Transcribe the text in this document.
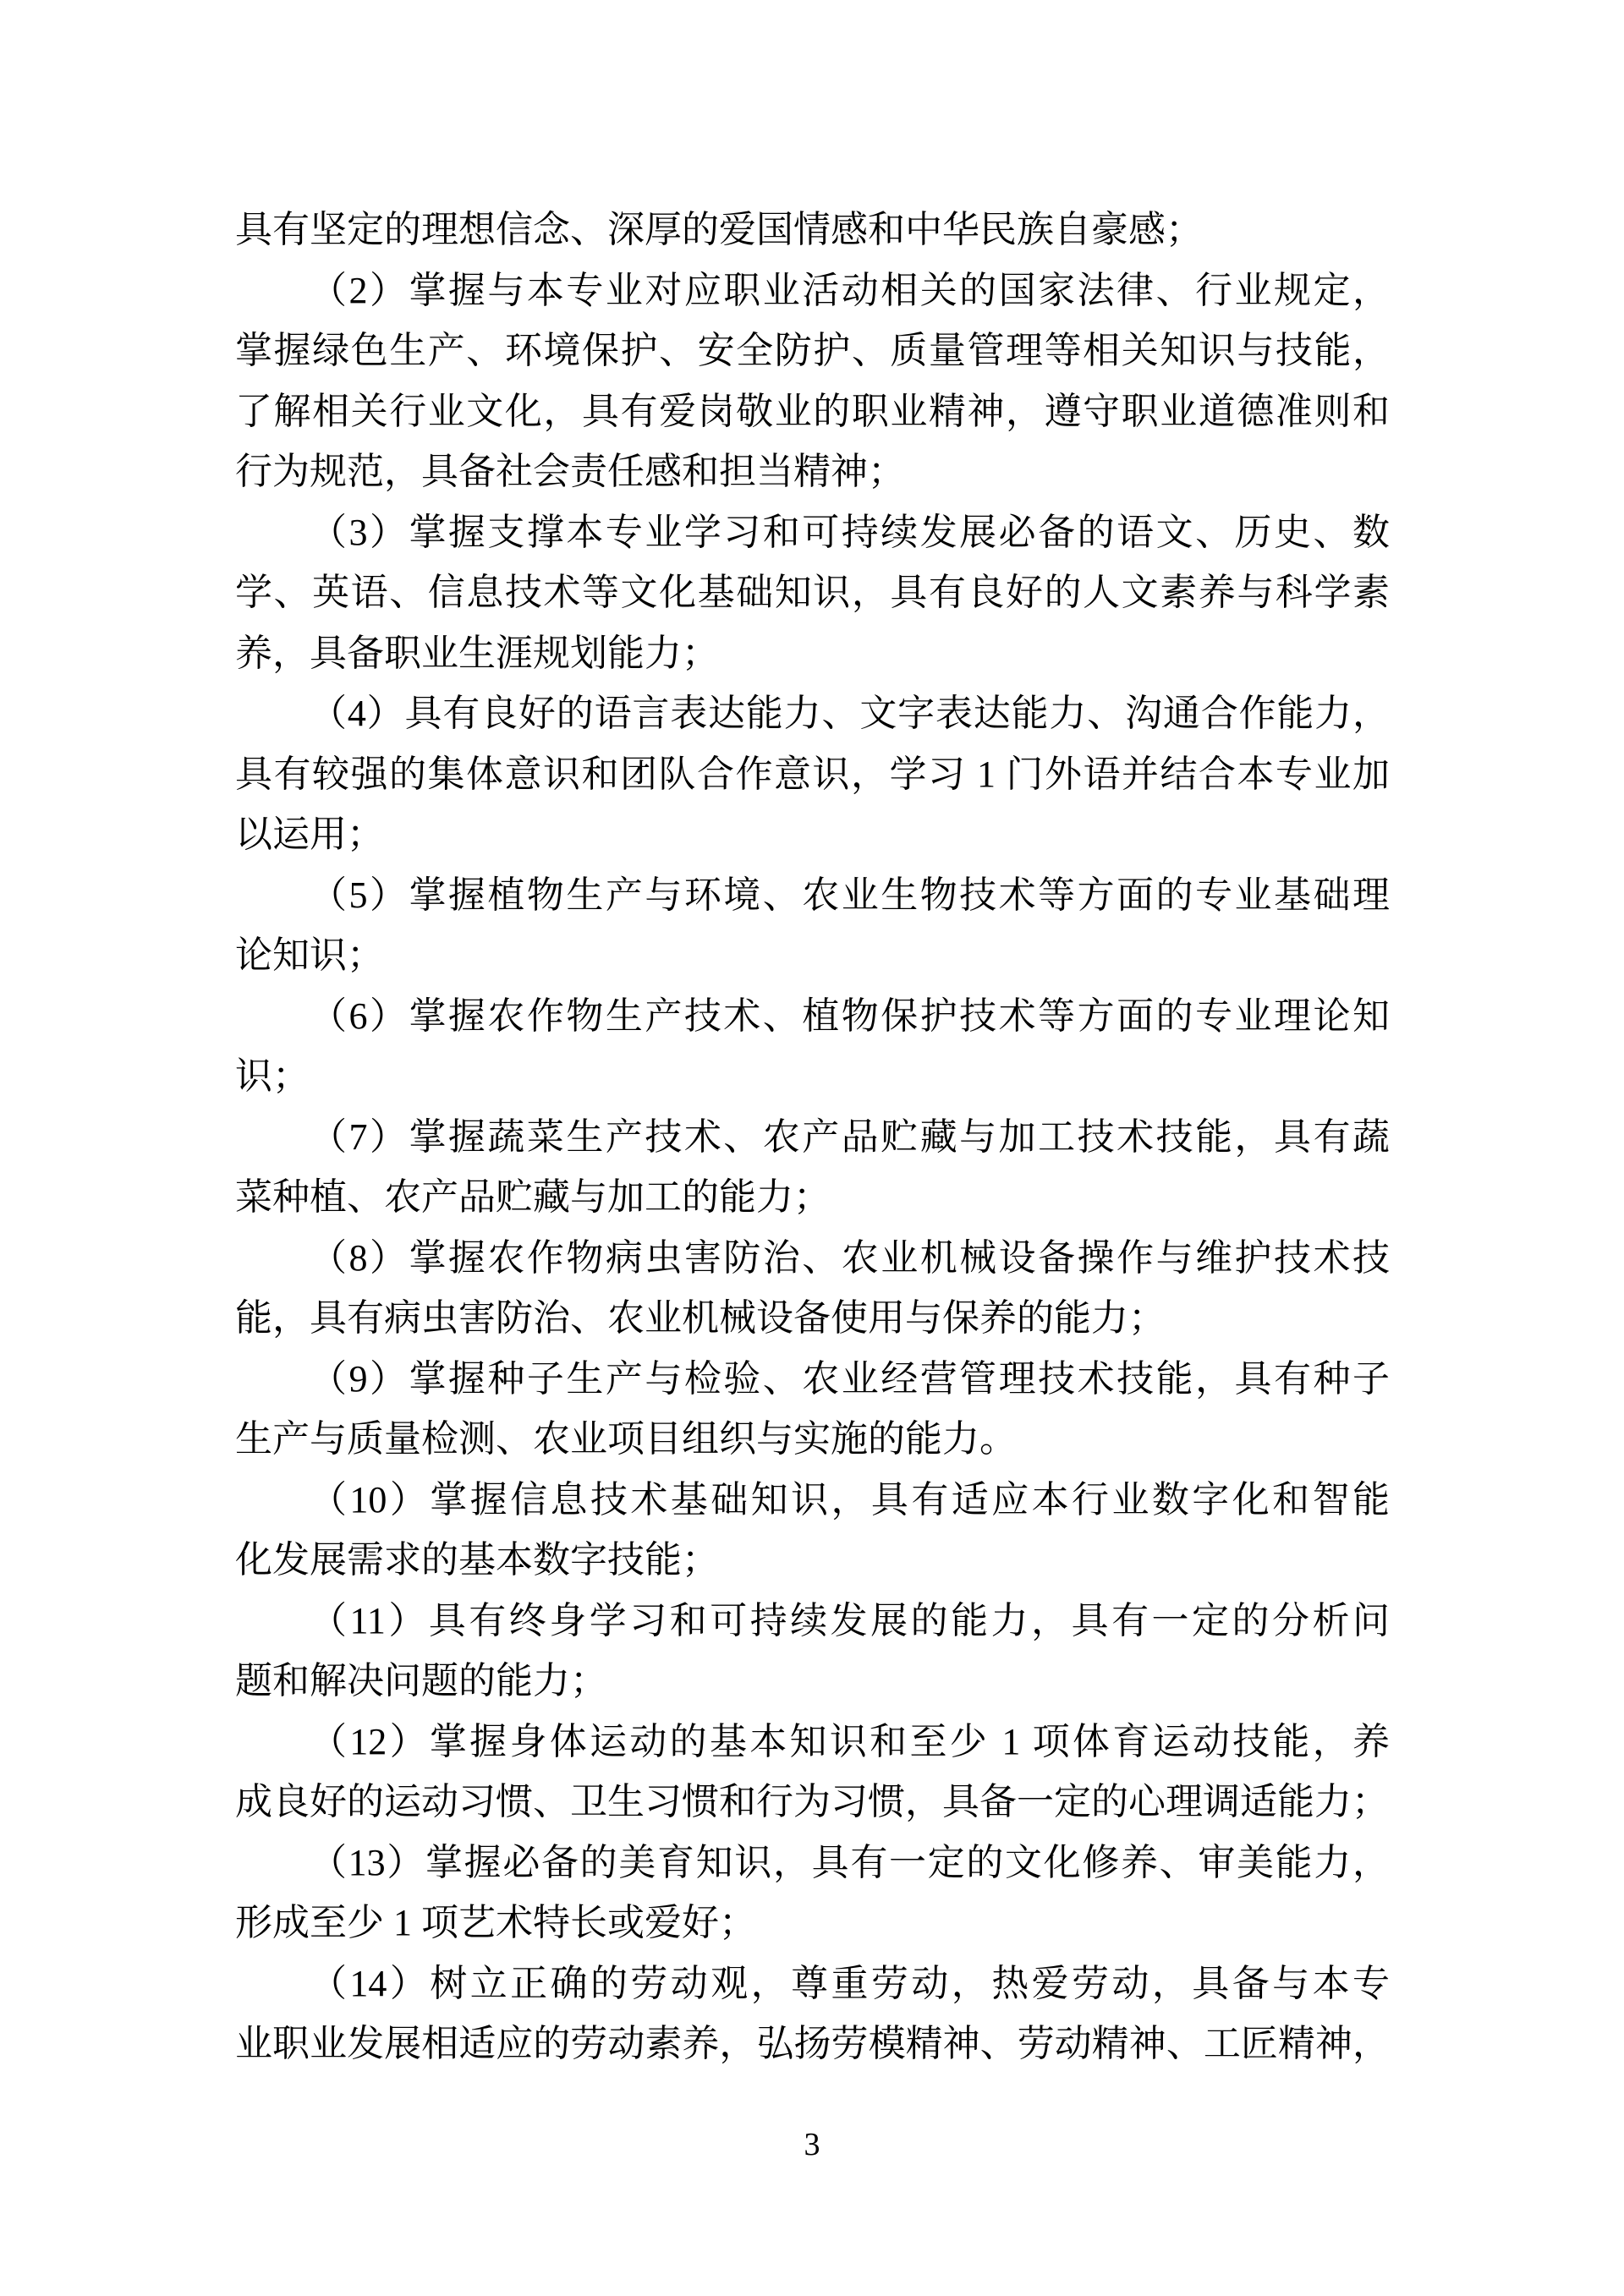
具有坚定的理想信念、深厚的爱国情感和中华民族自豪感；
（2）掌握与本专业对应职业活动相关的国家法律、行业规定，
掌握绿色生产、环境保护、安全防护、质量管理等相关知识与技能，
了解相关行业文化，具有爱岗敬业的职业精神，遵守职业道德准则和
行为规范，具备社会责任感和担当精神；
（3）掌握支撑本专业学习和可持续发展必备的语文、历史、数
学、英语、信息技术等文化基础知识，具有良好的人文素养与科学素
养，具备职业生涯规划能力；
（4）具有良好的语言表达能力、文字表达能力、沟通合作能力，
具有较强的集体意识和团队合作意识，学习 1 门外语并结合本专业加
以运用；
（5）掌握植物生产与环境、农业生物技术等方面的专业基础理
论知识；
（6）掌握农作物生产技术、植物保护技术等方面的专业理论知
识；
（7）掌握蔬菜生产技术、农产品贮藏与加工技术技能，具有蔬
菜种植、农产品贮藏与加工的能力；
（8）掌握农作物病虫害防治、农业机械设备操作与维护技术技
能，具有病虫害防治、农业机械设备使用与保养的能力；
（9）掌握种子生产与检验、农业经营管理技术技能，具有种子
生产与质量检测、农业项目组织与实施的能力。
（10）掌握信息技术基础知识，具有适应本行业数字化和智能
化发展需求的基本数字技能；
（11）具有终身学习和可持续发展的能力，具有一定的分析问
题和解决问题的能力；
（12）掌握身体运动的基本知识和至少 1 项体育运动技能，养
成良好的运动习惯、卫生习惯和行为习惯，具备一定的心理调适能力；
（13）掌握必备的美育知识，具有一定的文化修养、审美能力，
形成至少 1 项艺术特长或爱好；
（14）树立正确的劳动观，尊重劳动，热爱劳动，具备与本专
业职业发展相适应的劳动素养，弘扬劳模精神、劳动精神、工匠精神，
3
